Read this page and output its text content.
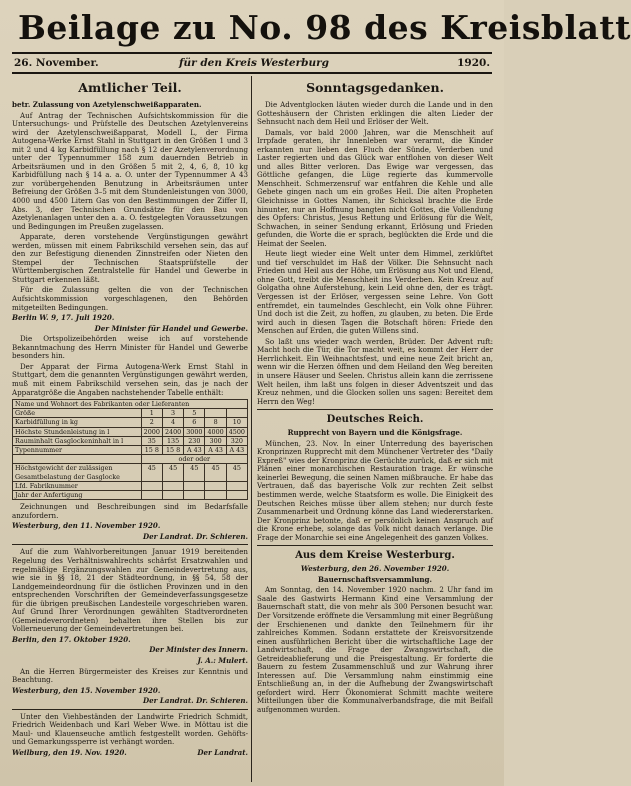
Beilage zu No. 98 des Kreisblatt
26. November.	für den Kreis Westerburg	1920.
Amtlicher Teil.

betr. Zulassung von Azetylenschweißapparaten.

Auf Antrag der Technischen Aufsichtskommission für die Untersuchungs- und Prüfstelle des Deutschen Azetylenvereins wird der Azetylenschweißapparat, Modell L, der Firma Autogena-Werke Ernst Stahl in Stuttgart in den Größen 1 und 3 mit 2 und 4 kg Karbidfüllung nach § 12 der Azetylenverordnung unter der Typennummer 158 zum dauernden Betrieb in Arbeitsräumen und in den Größen 5 mit 2, 4, 6, 8, 10 kg Karbidfüllung nach § 14 a. a. O. unter der Typennummer A 43 zur vorübergehenden Benutzung in Arbeitsräumen unter Befreiung der Größen 3–5 mit dem Stundenleistungen von 3000, 4000 und 4500 Litern Gas von den Bestimmungen der Ziffer II, Abs. 3, der Technischen Grundsätze für den Bau von Azetylenanlagen unter den a. a. O. festgelegten Voraussetzungen und Bedingungen im Preußen zugelassen.

Apparate, deren vorstehende Vergünstigungen gewährt werden, müssen mit einem Fabrikschild versehen sein, das auf den zur Befestigung dienenden Zinnstreifen oder Nieten den Stempel der Technischen Staatsprüfstelle der Württembergischen Zentralstelle für Handel und Gewerbe in Stuttgart erkennen läßt.

Für die Zulassung gelten die von der Technischen Aufsichtskommission vorgeschlagenen, den Behörden mitgeteilten Bedingungen.

Berlin W. 9, 17. Juli 1920.

Der Minister für Handel und Gewerbe.

Die Ortspolizeibehörden weise ich auf vorstehende Bekanntmachung des Herrn Minister für Handel und Gewerbe besonders hin.

Der Apparat der Firma Autogena-Werk Ernst Stahl in Stuttgart, dem die genannten Vergünstigungen gewährt werden, muß mit einem Fabrikschild versehen sein, das je nach der Apparatgröße die Angaben nachstehender Tabelle enthält:

Name und Wohnort des Fabrikanten oder Lieferanten					
Größe	1	3	5		
Karbidfüllung in kg	2	4	6	8	10
Höchste Stundenleistung in l	2000	2400	3000	4000	4500
Rauminhalt Gasglockeninhalt in l	35	135	230	300	320
Typennummer	15 8	15 8	A 43	A 43	A 43
	oder oder				
Höchstgewicht der zulässigen Gesamtbelastung der Gasglocke	45	45	45	45	45
Lfd. Fabriknummer					
Jahr der Anfertigung					

Zeichnungen und Beschreibungen sind im Bedarfsfalle anzufordern.

Westerburg, den 11. November 1920.

Der Landrat. Dr. Schieren.

Auf die zum Wahlvorbereitungen Januar 1919 bereitenden Regelung des Verhältniswahlrechts schärfst Ersatzwahlen und regelmäßige Ergänzungswahlen zur Gemeindevertretung aus, wie sie in §§ 18, 21 der Städteordnung, in §§ 54, 58 der Landgemeindeordnung für die östlichen Provinzen und in den entsprechenden Vorschriften der Gemeindeverfassungsgesetze für die übrigen preußischen Landesteile vorgeschrieben waren. Auf Grund Ihrer Verordnungen gewählten Stadtverordneten (Gemeindeverordneten) behalten ihre Stellen bis zur Vollerneuerung der Gemeindevertretungen bei.

Berlin, den 17. Oktober 1920.

Der Minister des Innern.

J. A.: Mulert.

An die Herren Bürgermeister des Kreises zur Kenntnis und Beachtung.

Westerburg, den 15. November 1920.

Der Landrat. Dr. Schieren.

Unter den Viehbeständen der Landwirte Friedrich Schmidt, Friedrich Weidenbach und Karl Weber Wwe. in Möttau ist die Maul- und Klauenseuche amtlich festgestellt worden. Gehöfts- und Gemarkungssperre ist verhängt worden.

Weilburg, den 19. Nov. 1920.	Der Landrat.

Sonntagsgedanken.

Die Adventglocken läuten wieder durch die Lande und in den Gotteshäusern der Christen erklingen die alten Lieder der Sehnsucht nach dem Heil und Erlöser der Welt.

Damals, vor bald 2000 Jahren, war die Menschheit auf Irrpfade geraten, ihr Innenleben war verarmt, die Kinder erkannten nur lieben den Fluch der Sünde, Verderben und Laster regierten und das Glück war entflohen von dieser Welt und alles Bitter verloren. Das Ewige war vergessen, das Göttliche gefangen, die Lüge regierte das kummervolle Menschheit. Schmerzensruf war entfahren die Kehle und alle Gebete gingen nach um ein großes Heil. Die alten Propheten Gleichnisse in Gottes Namen, ihr Schicksal brachte die Erde hinunter, nur an Hoffnung bangten nicht Gottes, die Vollendung des Opfers: Christus, Jesus Rettung und Erlösung für die Welt, Schwachen, in seiner Sendung erkannt, Erlösung und Frieden gefunden, die Worte die er sprach, beglückten die Erde und die Heimat der Seelen.

Heute liegt wieder eine Welt unter dem Himmel, zerklüftet und tief verschuldet im Haß der Völker. Die Sehnsucht nach Frieden und Heil aus der Höhe, um Erlösung aus Not und Elend, ohne Gott, treibt die Menschheit ins Verderben. Kein Kreuz auf Golgatha ohne Auferstehung, kein Leid ohne den, der es trägt. Vergessen ist der Erlöser, vergessen seine Lehre. Von Gott entfremdet, ein taumelndes Geschlecht, ein Volk ohne Führer. Und doch ist die Zeit, zu hoffen, zu glauben, zu beten. Die Erde wird auch in diesen Tagen die Botschaft hören: Friede den Menschen auf Erden, die guten Willens sind.

So laßt uns wieder wach werden, Brüder. Der Advent ruft: Macht hoch die Tür, die Tor macht weit, es kommt der Herr der Herrlichkeit. Ein Weihnachtsfest, und eine neue Zeit bricht an, wenn wir die Herzen öffnen und dem Heiland den Weg bereiten in unsere Häuser und Seelen. Christus allein kann die zerrissene Welt heilen, ihm laßt uns folgen in dieser Adventszeit und das Kreuz nehmen, und die Glocken sollen uns sagen: Bereitet dem Herrn den Weg!

Deutsches Reich.

Rupprecht von Bayern und die Königsfrage.

München, 23. Nov. In einer Unterredung des bayerischen Kronprinzen Rupprecht mit dem Münchener Vertreter des "Daily Expreß" wies der Kronprinz die Gerüchte zurück, daß er sich mit Plänen einer monarchischen Restauration trage. Er wünsche keinerlei Bewegung, die seinen Namen mißbrauche. Er habe das Vertrauen, daß das bayerische Volk zur rechten Zeit selbst bestimmen werde, welche Staatsform es wolle. Die Einigkeit des Deutschen Reiches müsse über allem stehen; nur durch feste Zusammenarbeit und Ordnung könne das Land wiedererstarken. Der Kronprinz betonte, daß er persönlich keinen Anspruch auf die Krone erhebe, solange das Volk nicht danach verlange. Die Frage der Monarchie sei eine Angelegenheit des ganzen Volkes.

Aus dem Kreise Westerburg.

Westerburg, den 26. November 1920.

Bauernschaftsversammlung.

Am Sonntag, den 14. November 1920 nachm. 2 Uhr fand im Saale des Gastwirts Hermann Kind eine Versammlung der Bauernschaft statt, die von mehr als 300 Personen besucht war. Der Vorsitzende eröffnete die Versammlung mit einer Begrüßung der Erschienenen und dankte den Teilnehmern für ihr zahlreiches Kommen. Sodann erstattete der Kreisvorsitzende einen ausführlichen Bericht über die wirtschaftliche Lage der Landwirtschaft, die Frage der Zwangswirtschaft, die Getreideablieferung und die Preisgestaltung. Er forderte die Bauern zu festem Zusammenschluß und zur Wahrung ihrer Interessen auf. Die Versammlung nahm einstimmig eine Entschließung an, in der die Aufhebung der Zwangswirtschaft gefordert wird. Herr Ökonomierat Schmitt machte weitere Mitteilungen über die Kommunalverbandsfrage, die mit Beifall aufgenommen wurden.
